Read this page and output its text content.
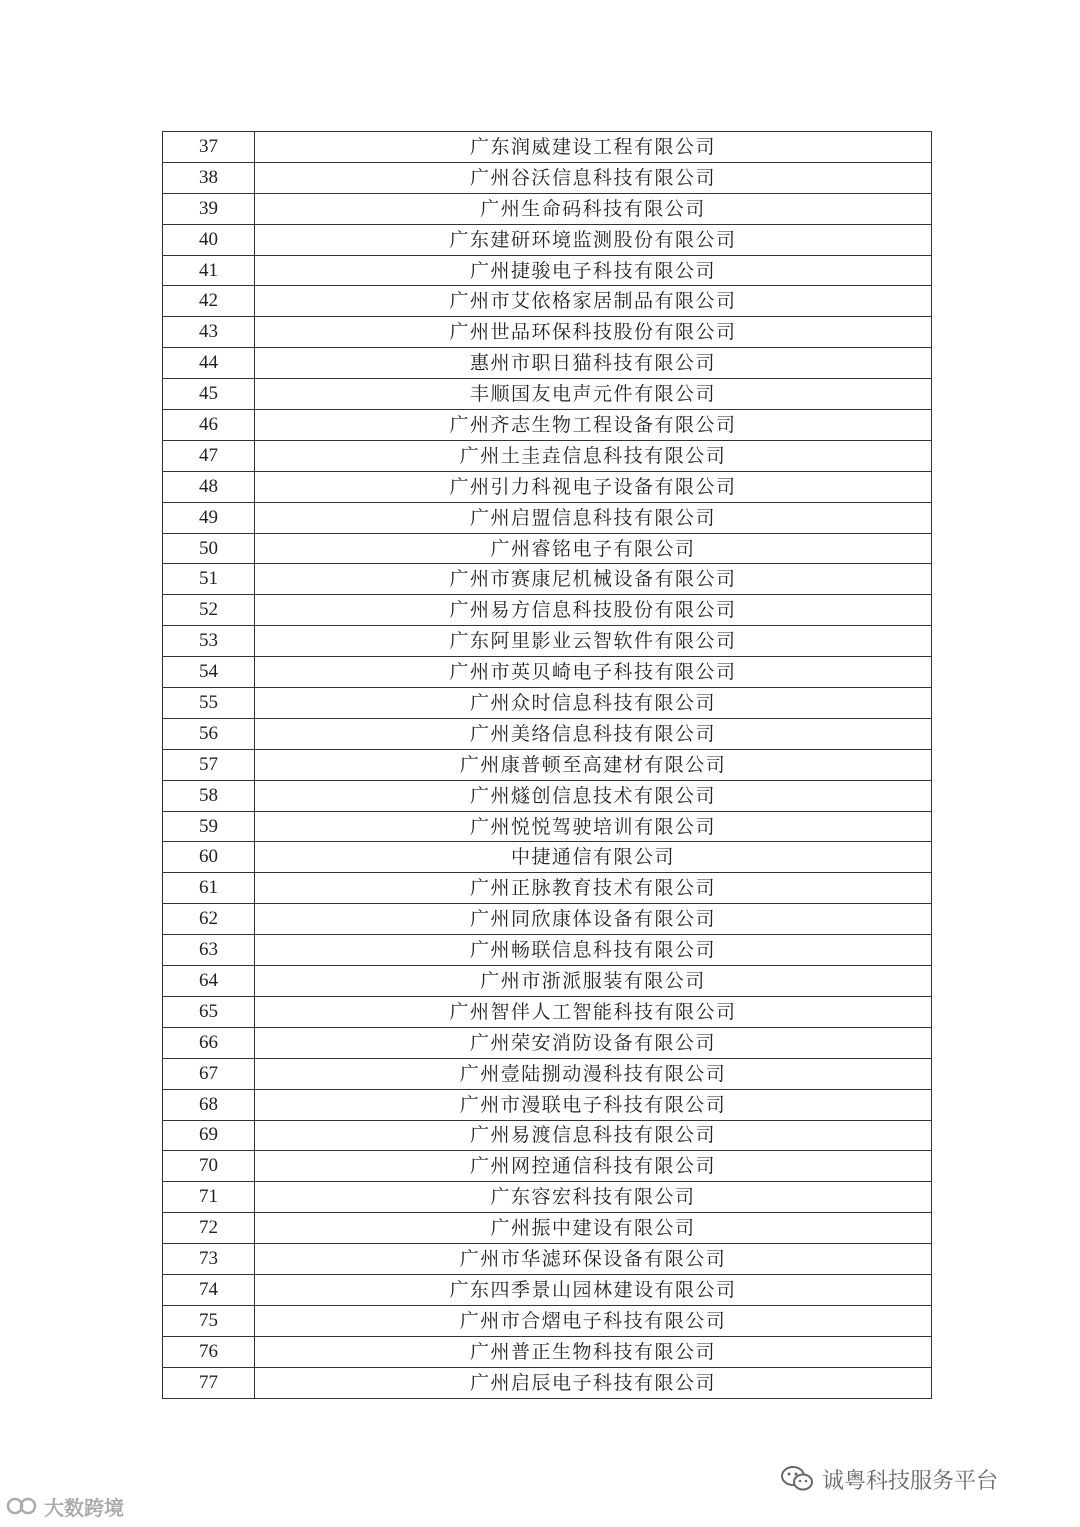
37	广东润威建设工程有限公司
38	广州谷沃信息科技有限公司
39	广州生命码科技有限公司
40	广东建研环境监测股份有限公司
41	广州捷骏电子科技有限公司
42	广州市艾依格家居制品有限公司
43	广州世品环保科技股份有限公司
44	惠州市职日猫科技有限公司
45	丰顺国友电声元件有限公司
46	广州齐志生物工程设备有限公司
47	广州土圭垚信息科技有限公司
48	广州引力科视电子设备有限公司
49	广州启盟信息科技有限公司
50	广州睿铭电子有限公司
51	广州市赛康尼机械设备有限公司
52	广州易方信息科技股份有限公司
53	广东阿里影业云智软件有限公司
54	广州市英贝崎电子科技有限公司
55	广州众时信息科技有限公司
56	广州美络信息科技有限公司
57	广州康普顿至高建材有限公司
58	广州燧创信息技术有限公司
59	广州悦悦驾驶培训有限公司
60	中捷通信有限公司
61	广州正脉教育技术有限公司
62	广州同欣康体设备有限公司
63	广州畅联信息科技有限公司
64	广州市浙派服装有限公司
65	广州智伴人工智能科技有限公司
66	广州荣安消防设备有限公司
67	广州壹陆捌动漫科技有限公司
68	广州市漫联电子科技有限公司
69	广州易渡信息科技有限公司
70	广州网控通信科技有限公司
71	广东容宏科技有限公司
72	广州振中建设有限公司
73	广州市华滤环保设备有限公司
74	广东四季景山园林建设有限公司
75	广州市合熠电子科技有限公司
76	广州普正生物科技有限公司
77	广州启辰电子科技有限公司
诚粤科技服务平台
大数跨境
